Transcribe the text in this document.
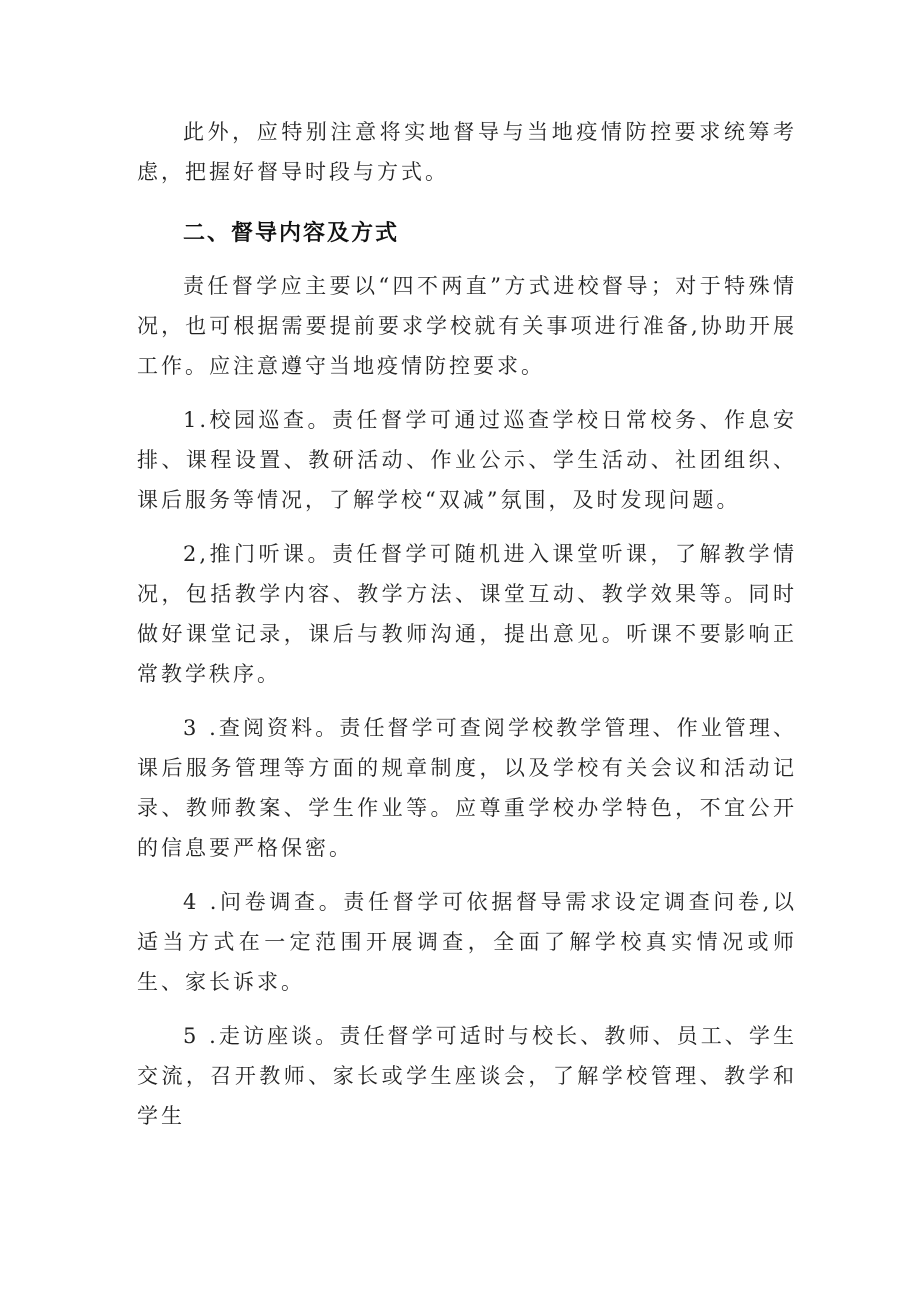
此外，应特别注意将实地督导与当地疫情防控要求统筹考虑，把握好督导时段与方式。

二、督导内容及方式

责任督学应主要以“四不两直”方式进校督导；对于特殊情况，也可根据需要提前要求学校就有关事项进行准备,协助开展工作。应注意遵守当地疫情防控要求。

1.校园巡查。责任督学可通过巡查学校日常校务、作息安排、课程设置、教研活动、作业公示、学生活动、社团组织、课后服务等情况，了解学校“双减”氛围，及时发现问题。

2,推门听课。责任督学可随机进入课堂听课，了解教学情况，包括教学内容、教学方法、课堂互动、教学效果等。同时做好课堂记录，课后与教师沟通，提出意见。听课不要影响正常教学秩序。

3 .查阅资料。责任督学可查阅学校教学管理、作业管理、课后服务管理等方面的规章制度，以及学校有关会议和活动记录、教师教案、学生作业等。应尊重学校办学特色，不宜公开的信息要严格保密。

4 .问卷调查。责任督学可依据督导需求设定调查问卷,以适当方式在一定范围开展调查，全面了解学校真实情况或师生、家长诉求。

5 .走访座谈。责任督学可适时与校长、教师、员工、学生交流，召开教师、家长或学生座谈会，了解学校管理、教学和学生
